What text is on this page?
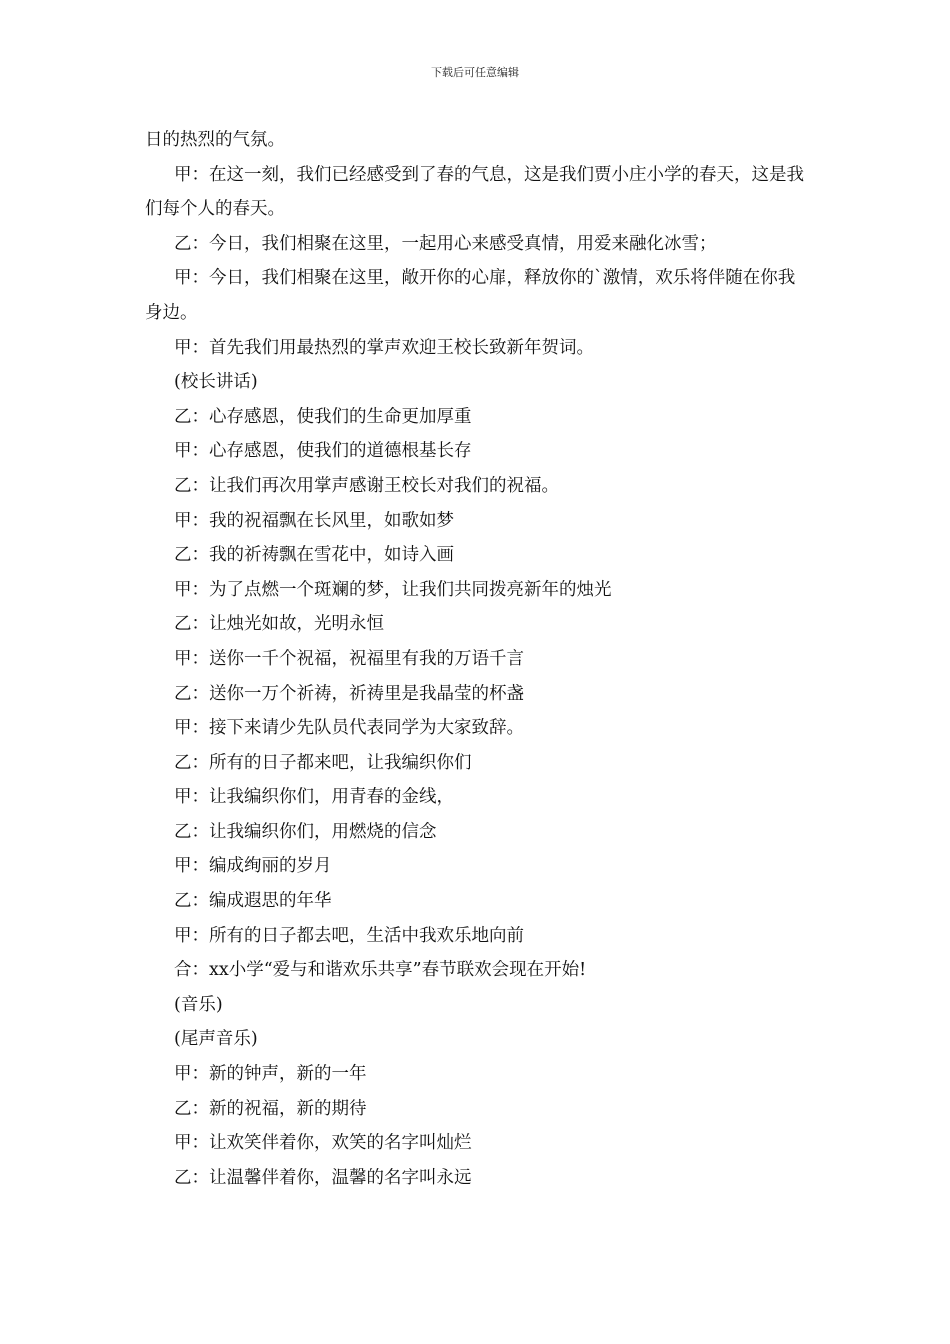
下载后可任意编辑

日的热烈的气氛。

甲：在这一刻，我们已经感受到了春的气息，这是我们贾小庄小学的春天，这是我们每个人的春天。

乙：今日，我们相聚在这里，一起用心来感受真情，用爱来融化冰雪；

甲：今日，我们相聚在这里，敞开你的心扉，释放你的`激情，欢乐将伴随在你我身边。

甲：首先我们用最热烈的掌声欢迎王校长致新年贺词。

(校长讲话)

乙：心存感恩，使我们的生命更加厚重

甲：心存感恩，使我们的道德根基长存

乙：让我们再次用掌声感谢王校长对我们的祝福。

甲：我的祝福飘在长风里，如歌如梦

乙：我的祈祷飘在雪花中，如诗入画

甲：为了点燃一个斑斓的梦，让我们共同拨亮新年的烛光

乙：让烛光如故，光明永恒

甲：送你一千个祝福，祝福里有我的万语千言

乙：送你一万个祈祷，祈祷里是我晶莹的杯盏

甲：接下来请少先队员代表同学为大家致辞。

乙：所有的日子都来吧，让我编织你们

甲：让我编织你们，用青春的金线，

乙：让我编织你们，用燃烧的信念

甲：编成绚丽的岁月

乙：编成遐思的年华

甲：所有的日子都去吧，生活中我欢乐地向前

合：xx小学“爱与和谐欢乐共享”春节联欢会现在开始!

(音乐)

(尾声音乐)

甲：新的钟声，新的一年

乙：新的祝福，新的期待

甲：让欢笑伴着你，欢笑的名字叫灿烂

乙：让温馨伴着你，温馨的名字叫永远
